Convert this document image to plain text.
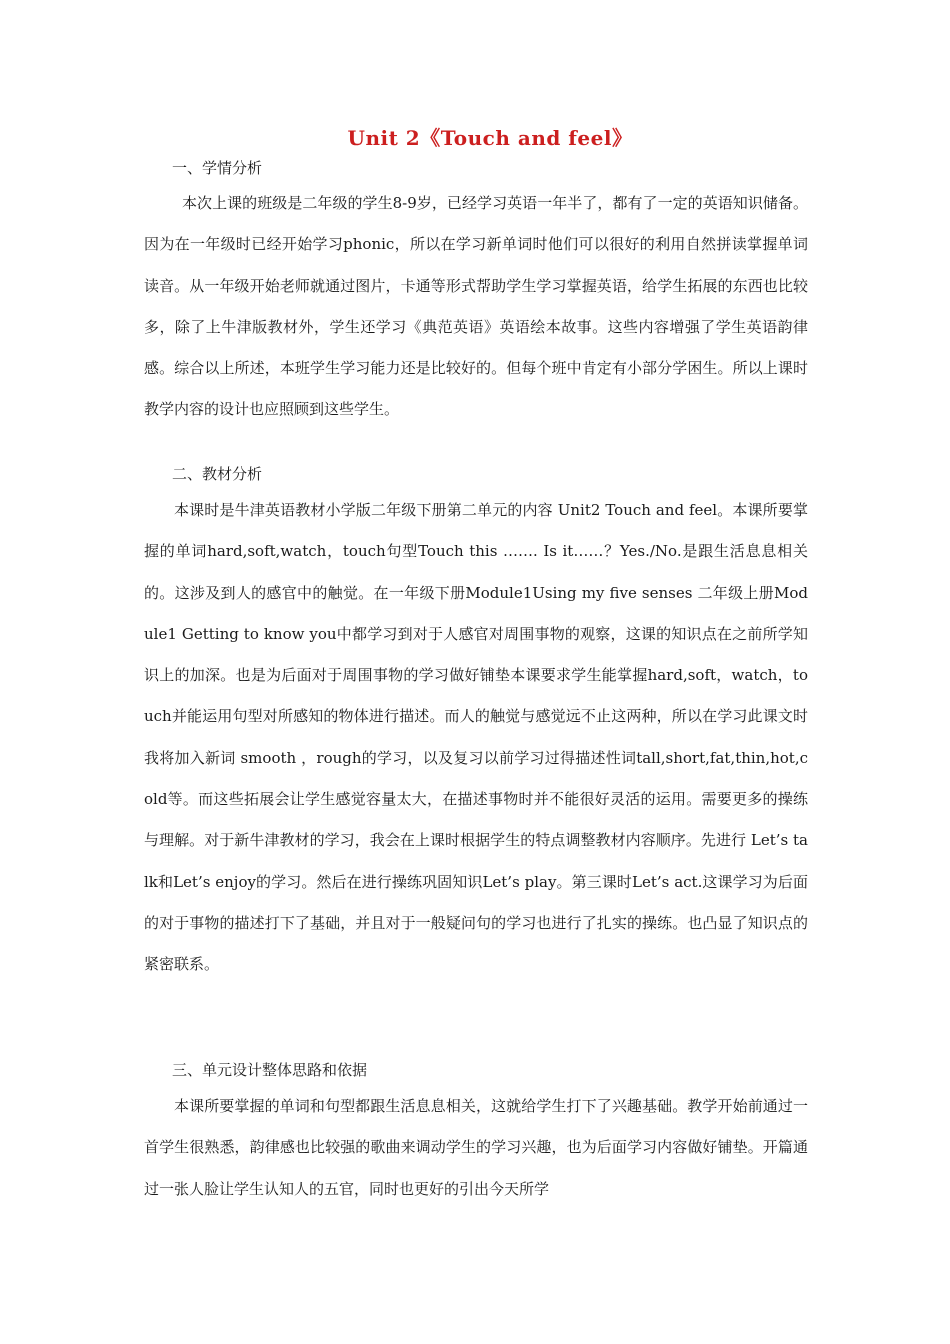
Unit 2《Touch and feel》
一、学情分析
本次上课的班级是二年级的学生8-9岁，已经学习英语一年半了，都有了一定的英语知识储备。因为在一年级时已经开始学习phonic，所以在学习新单词时他们可以很好的利用自然拼读掌握单词读音。从一年级开始老师就通过图片，卡通等形式帮助学生学习掌握英语，给学生拓展的东西也比较多，除了上牛津版教材外，学生还学习《典范英语》英语绘本故事。这些内容增强了学生英语韵律感。综合以上所述，本班学生学习能力还是比较好的。但每个班中肯定有小部分学困生。所以上课时教学内容的设计也应照顾到这些学生。
二、教材分析
本课时是牛津英语教材小学版二年级下册第二单元的内容 Unit2 Touch and feel。本课所要掌握的单词hard,soft,watch，touch句型Touch this ……. Is it……？Yes./No.是跟生活息息相关的。这涉及到人的感官中的触觉。在一年级下册Module1Using my five senses 二年级上册Module1 Getting to know you中都学习到对于人感官对周围事物的观察，这课的知识点在之前所学知识上的加深。也是为后面对于周围事物的学习做好铺垫本课要求学生能掌握hard,soft，watch，touch并能运用句型对所感知的物体进行描述。而人的触觉与感觉远不止这两种，所以在学习此课文时我将加入新词 smooth ，rough的学习，以及复习以前学习过得描述性词tall,short,fat,thin,hot,cold等。而这些拓展会让学生感觉容量太大，在描述事物时并不能很好灵活的运用。需要更多的操练与理解。对于新牛津教材的学习，我会在上课时根据学生的特点调整教材内容顺序。先进行 Let’s talk和Let’s enjoy的学习。然后在进行操练巩固知识Let’s play。第三课时Let’s act.这课学习为后面的对于事物的描述打下了基础，并且对于一般疑问句的学习也进行了扎实的操练。也凸显了知识点的紧密联系。
三、单元设计整体思路和依据
本课所要掌握的单词和句型都跟生活息息相关，这就给学生打下了兴趣基础。教学开始前通过一首学生很熟悉，韵律感也比较强的歌曲来调动学生的学习兴趣，也为后面学习内容做好铺垫。开篇通过一张人脸让学生认知人的五官，同时也更好的引出今天所学
